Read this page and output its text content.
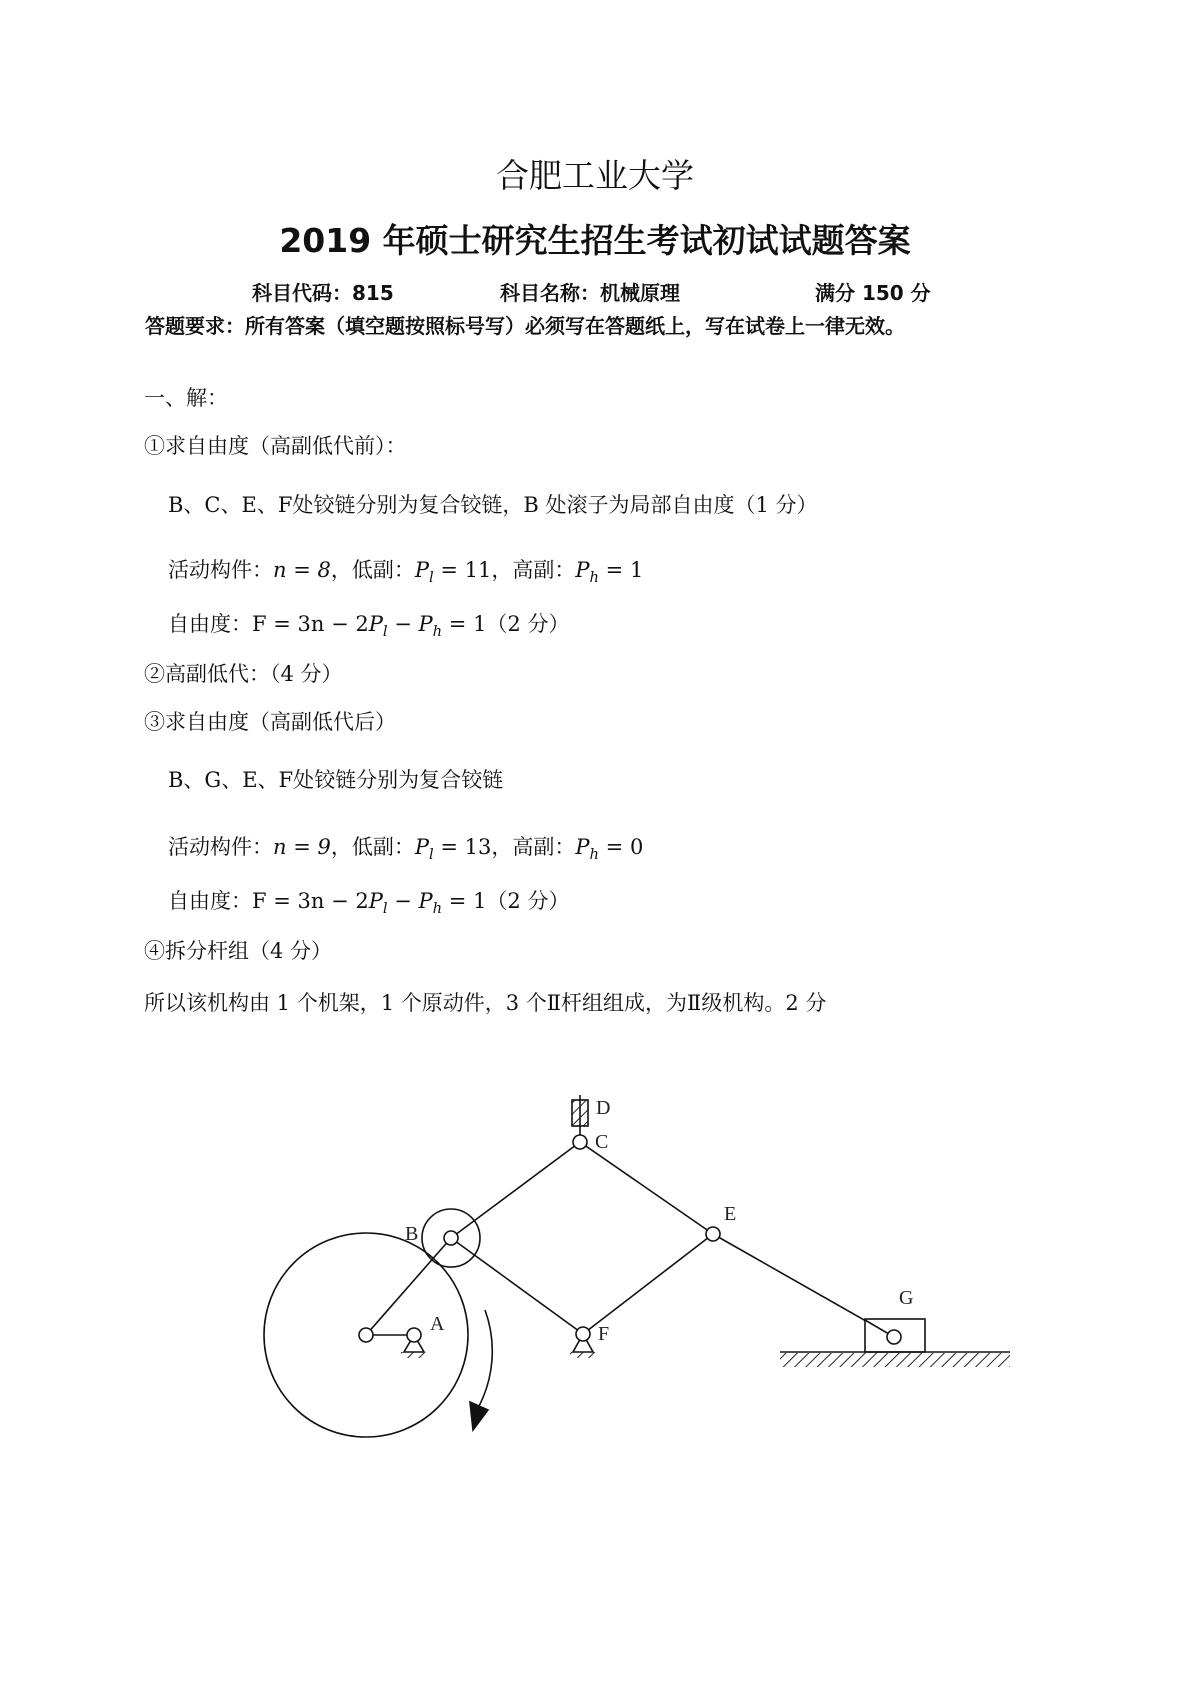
合肥工业大学
2019 年硕士研究生招生考试初试试题答案
科目代码：815	科目名称：机械原理	满分 150 分
答题要求：所有答案（填空题按照标号写）必须写在答题纸上，写在试卷上一律无效。
一、解：
①求自由度（高副低代前）：
B、C、E、F处铰链分别为复合铰链，B 处滚子为局部自由度（1 分）
活动构件：n = 8，低副：$P_l = 11$，高副：$P_h = 1$
自由度：$F = 3n - 2P_l - P_h = 1(2$ 分）
②高副低代：（4 分）
③求自由度（高副低代后）
B、G、E、F处铰链分别为复合铰链
活动构件：n = 9，低副：$P_l = 13$，高副：$P_h = 0$
自由度：$F = 3n - 2P_l - P_h = 1(2$ 分）
④拆分杆组（4 分）
所以该机构由 1 个机架，1 个原动件，3 个Ⅱ杆组组成，为Ⅱ级机构。2 分
A
B
C
D
E
F
G
